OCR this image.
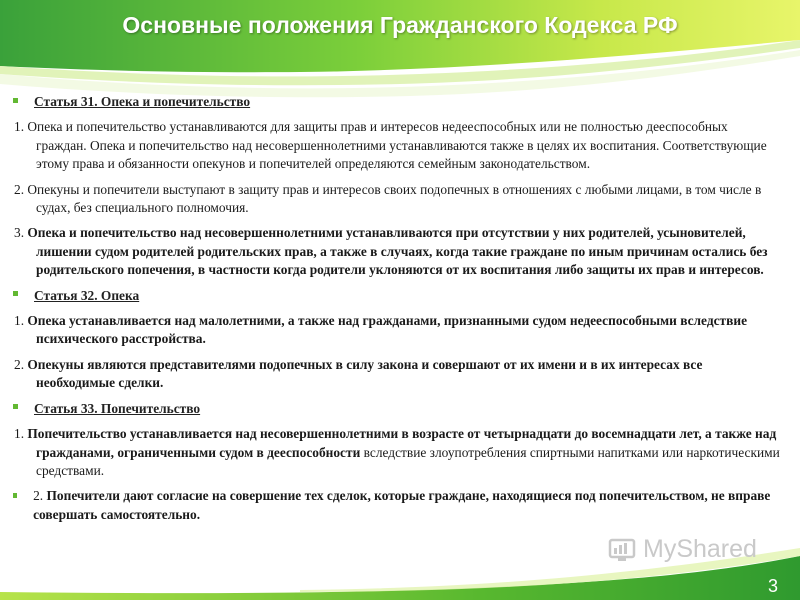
Основные положения Гражданского Кодекса РФ
Статья 31. Опека и попечительство

1. Опека и попечительство устанавливаются для защиты прав и интересов недееспособных или не полностью дееспособных граждан. Опека и попечительство над несовершеннолетними устанавливаются также в целях их воспитания. Соответствующие этому права и обязанности опекунов и попечителей определяются семейным законодательством.

2. Опекуны и попечители выступают в защиту прав и интересов своих подопечных в отношениях с любыми лицами, в том числе в судах, без специального полномочия.

3. Опека и попечительство над несовершеннолетними устанавливаются при отсутствии у них родителей, усыновителей, лишении судом родителей родительских прав, а также в случаях, когда такие граждане по иным причинам остались без родительского попечения, в частности когда родители уклоняются от их воспитания либо защиты их прав и интересов.

Статья 32. Опека

1. Опека устанавливается над малолетними, а также над гражданами, признанными судом недееспособными вследствие психического расстройства.

2. Опекуны являются представителями подопечных в силу закона и совершают от их имени и в их интересах все необходимые сделки.

Статья 33. Попечительство

1. Попечительство устанавливается над несовершеннолетними в возрасте от четырнадцати до восемнадцати лет, а также над гражданами, ограниченными судом в дееспособности вследствие злоупотребления спиртными напитками или наркотическими средствами.

2. Попечители дают согласие на совершение тех сделок, которые граждане, находящиеся под попечительством, не вправе совершать самостоятельно.
MyShared
3
